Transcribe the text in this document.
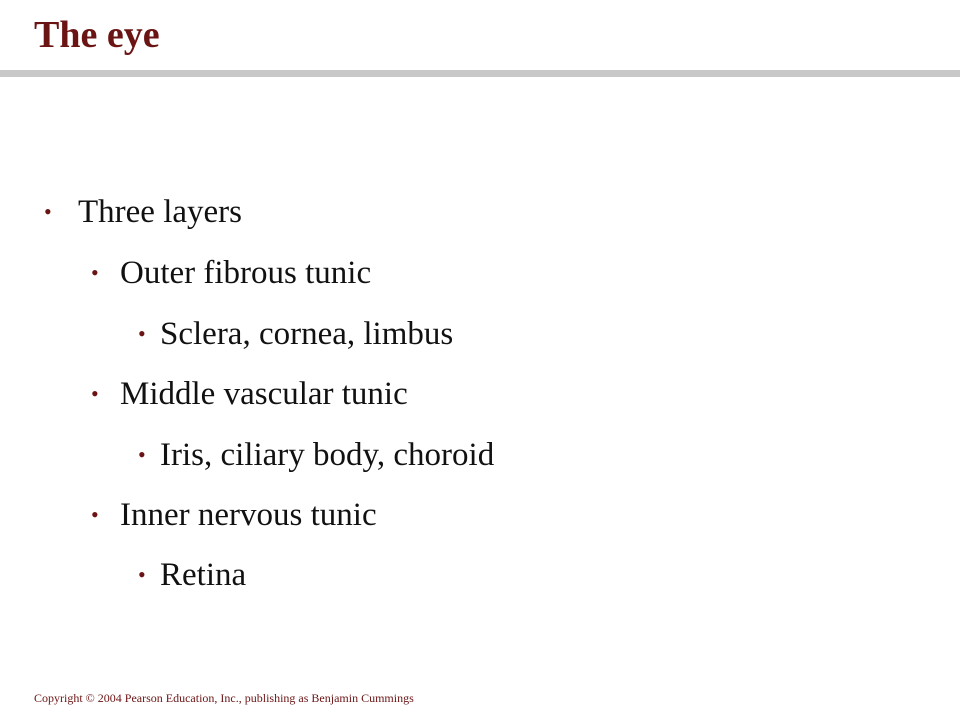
The eye
• Three layers
• Outer fibrous tunic
• Sclera, cornea, limbus
• Middle vascular tunic
• Iris, ciliary body, choroid
• Inner nervous tunic
• Retina
Copyright © 2004 Pearson Education, Inc., publishing as Benjamin Cummings
